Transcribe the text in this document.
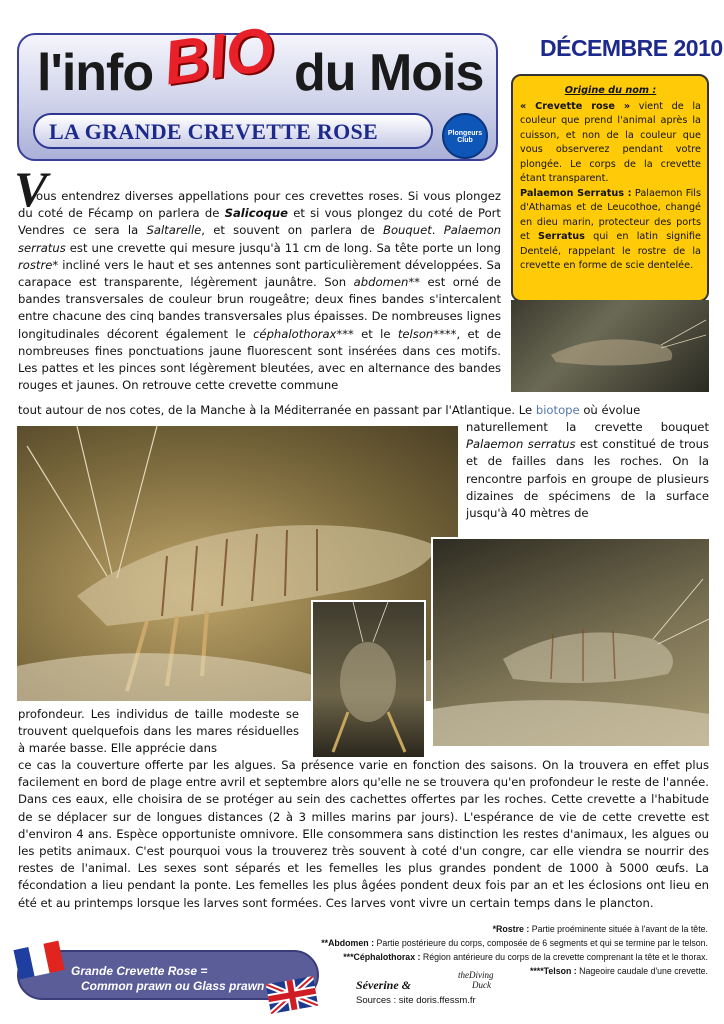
l'info BIO du Mois
LA GRANDE CREVETTE ROSE	Plongeurs Club
DÉCEMBRE 2010
Origine du nom :

« Crevette rose » vient de la couleur que prend l'animal après la cuisson, et non de la couleur que vous observerez pendant votre plongée. Le corps de la crevette étant transparent.

Palaemon Serratus : Palaemon Fils d'Athamas et de Leucothoe, changé en dieu marin, protecteur des ports et Serratus qui en latin signifie Dentelé, rappelant le rostre de la crevette en forme de scie dentelée.

V
ous entendrez diverses appellations pour ces crevettes roses. Si vous plongez du coté de Fécamp on parlera de Salicoque et si vous plongez du coté de Port Vendres ce sera la Saltarelle, et souvent on parlera de Bouquet. Palaemon serratus est une crevette qui mesure jusqu'à 11 cm de long. Sa tête porte un long rostre* incliné vers le haut et ses antennes sont particulièrement développées. Sa carapace est transparente, légèrement jaunâtre. Son abdomen** est orné de bandes transversales de couleur brun rougeâtre; deux fines bandes s'intercalent entre chacune des cinq bandes transversales plus épaisses. De nombreuses lignes longitudinales décorent également le céphalothorax*** et le telson****, et de nombreuses fines ponctuations jaune fluorescent sont insérées dans ces motifs. Les pattes et les pinces sont légèrement bleutées, avec en alternance des bandes rouges et jaunes. On retrouve cette crevette commune
tout autour de nos cotes, de la Manche à la Méditerranée en passant par l'Atlantique. Le biotope où évolue
naturellement la crevette bouquet Palaemon serratus est constitué de trous et de failles dans les roches. On la rencontre parfois en groupe de plusieurs dizaines de spécimens de la surface jusqu'à 40 mètres de
profondeur. Les individus de taille modeste se trouvent quelquefois dans les mares résiduelles à marée basse. Elle apprécie dans
ce cas la couverture offerte par les algues. Sa présence varie en fonction des saisons. On la trouvera en effet plus facilement en bord de plage entre avril et septembre alors qu'elle ne se trouvera qu'en profondeur le reste de l'année. Dans ces eaux, elle choisira de se protéger au sein des cachettes offertes par les roches. Cette crevette a l'habitude de se déplacer sur de longues distances (2 à 3 milles marins par jours). L'espérance de vie de cette crevette est d'environ 4 ans. Espèce opportuniste omnivore. Elle consommera sans distinction les restes d'animaux, les algues ou les petits animaux. C'est pourquoi vous la trouverez très souvent à coté d'un congre, car elle viendra se nourrir des restes de l'animal. Les sexes sont séparés et les femelles les plus grandes pondent de 1000 à 5000 œufs. La fécondation a lieu pendant la ponte. Les femelles les plus âgées pondent deux fois par an et les éclosions ont lieu en été et au printemps lorsque les larves sont formées. Ces larves vont vivre un certain temps dans le plancton.
*Rostre : Partie proéminente située à l'avant de la tête.
**Abdomen : Partie postérieure du corps, composée de 6 segments et qui se termine par le telson.
***Céphalothorax : Région antérieure du corps de la crevette comprenant la tête et le thorax.
****Telson : Nageoire caudale d'une crevette.
Grande Crevette Rose =
Common prawn ou Glass prawn	Séverine &
theDiving
Duck
Sources : site doris.ffessm.fr
